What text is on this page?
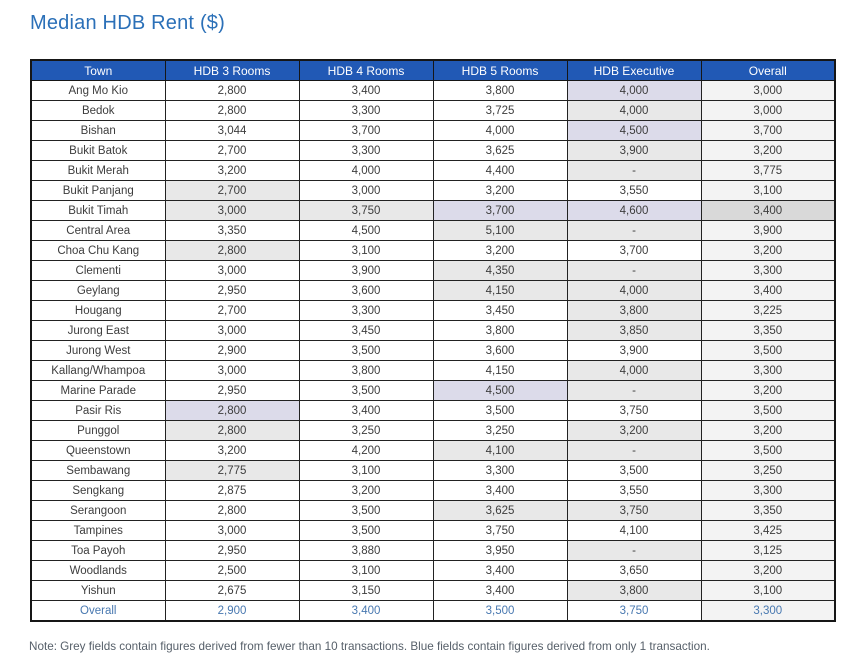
Median HDB Rent ($)
Town	HDB 3 Rooms	HDB 4 Rooms	HDB 5 Rooms	HDB Executive	Overall
Ang Mo Kio	2,800	3,400	3,800	4,000	3,000
Bedok	2,800	3,300	3,725	4,000	3,000
Bishan	3,044	3,700	4,000	4,500	3,700
Bukit Batok	2,700	3,300	3,625	3,900	3,200
Bukit Merah	3,200	4,000	4,400	-	3,775
Bukit Panjang	2,700	3,000	3,200	3,550	3,100
Bukit Timah	3,000	3,750	3,700	4,600	3,400
Central Area	3,350	4,500	5,100	-	3,900
Choa Chu Kang	2,800	3,100	3,200	3,700	3,200
Clementi	3,000	3,900	4,350	-	3,300
Geylang	2,950	3,600	4,150	4,000	3,400
Hougang	2,700	3,300	3,450	3,800	3,225
Jurong East	3,000	3,450	3,800	3,850	3,350
Jurong West	2,900	3,500	3,600	3,900	3,500
Kallang/Whampoa	3,000	3,800	4,150	4,000	3,300
Marine Parade	2,950	3,500	4,500	-	3,200
Pasir Ris	2,800	3,400	3,500	3,750	3,500
Punggol	2,800	3,250	3,250	3,200	3,200
Queenstown	3,200	4,200	4,100	-	3,500
Sembawang	2,775	3,100	3,300	3,500	3,250
Sengkang	2,875	3,200	3,400	3,550	3,300
Serangoon	2,800	3,500	3,625	3,750	3,350
Tampines	3,000	3,500	3,750	4,100	3,425
Toa Payoh	2,950	3,880	3,950	-	3,125
Woodlands	2,500	3,100	3,400	3,650	3,200
Yishun	2,675	3,150	3,400	3,800	3,100
Overall	2,900	3,400	3,500	3,750	3,300
Note: Grey fields contain figures derived from fewer than 10 transactions. Blue fields contain figures derived from only 1 transaction.
